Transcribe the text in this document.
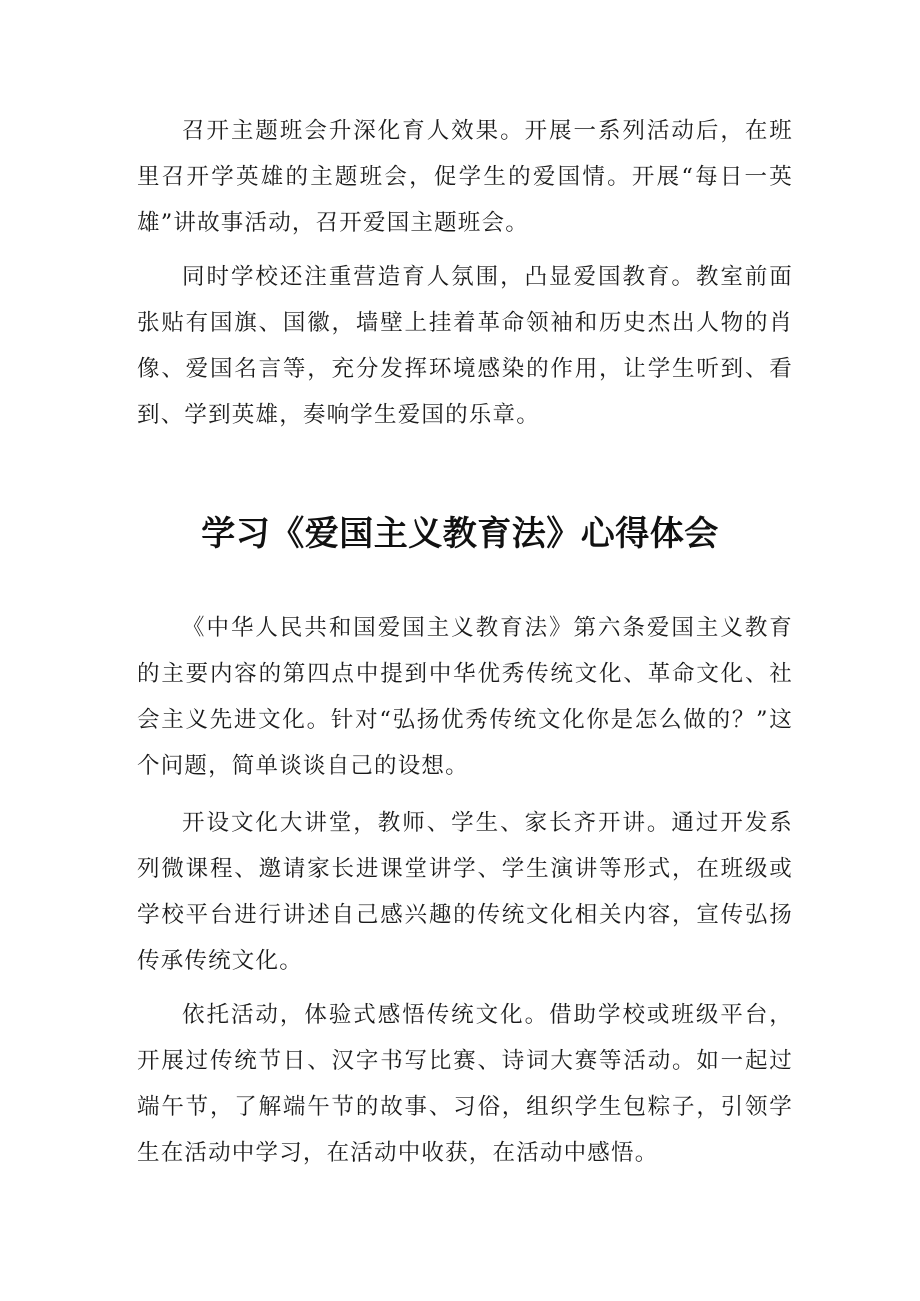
召开主题班会升深化育人效果。开展一系列活动后，在班里召开学英雄的主题班会，促学生的爱国情。开展“每日一英雄”讲故事活动，召开爱国主题班会。

同时学校还注重营造育人氛围，凸显爱国教育。教室前面张贴有国旗、国徽，墙壁上挂着革命领袖和历史杰出人物的肖像、爱国名言等，充分发挥环境感染的作用，让学生听到、看到、学到英雄，奏响学生爱国的乐章。

学习《爱国主义教育法》心得体会

《中华人民共和国爱国主义教育法》第六条爱国主义教育的主要内容的第四点中提到中华优秀传统文化、革命文化、社会主义先进文化。针对“弘扬优秀传统文化你是怎么做的？”这个问题，简单谈谈自己的设想。

开设文化大讲堂，教师、学生、家长齐开讲。通过开发系列微课程、邀请家长进课堂讲学、学生演讲等形式，在班级或学校平台进行讲述自己感兴趣的传统文化相关内容，宣传弘扬传承传统文化。

依托活动，体验式感悟传统文化。借助学校或班级平台，开展过传统节日、汉字书写比赛、诗词大赛等活动。如一起过端午节，了解端午节的故事、习俗，组织学生包粽子，引领学生在活动中学习，在活动中收获，在活动中感悟。
